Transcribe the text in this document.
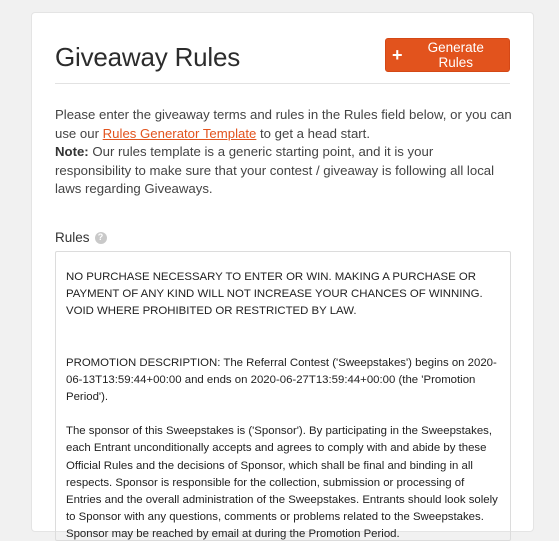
Giveaway Rules	+	Generate Rules

Please enter the giveaway terms and rules in the Rules field below, or you can use our Rules Generator Template to get a head start.

Note: Our rules template is a generic starting point, and it is your responsibility to make sure that your contest / giveaway is following all local laws regarding Giveaways.

Rules ?

NO PURCHASE NECESSARY TO ENTER OR WIN. MAKING A PURCHASE OR PAYMENT OF ANY KIND WILL NOT INCREASE YOUR CHANCES OF WINNING. VOID WHERE PROHIBITED OR RESTRICTED BY LAW.

PROMOTION DESCRIPTION: The Referral Contest ('Sweepstakes') begins on 2020-06-13T13:59:44+00:00 and ends on 2020-06-27T13:59:44+00:00 (the 'Promotion Period').

The sponsor of this Sweepstakes is ('Sponsor'). By participating in the Sweepstakes, each Entrant unconditionally accepts and agrees to comply with and abide by these Official Rules and the decisions of Sponsor, which shall be final and binding in all respects. Sponsor is responsible for the collection, submission or processing of Entries and the overall administration of the Sweepstakes. Entrants should look solely to Sponsor with any questions, comments or problems related to the Sweepstakes. Sponsor may be reached by email at during the Promotion Period.
